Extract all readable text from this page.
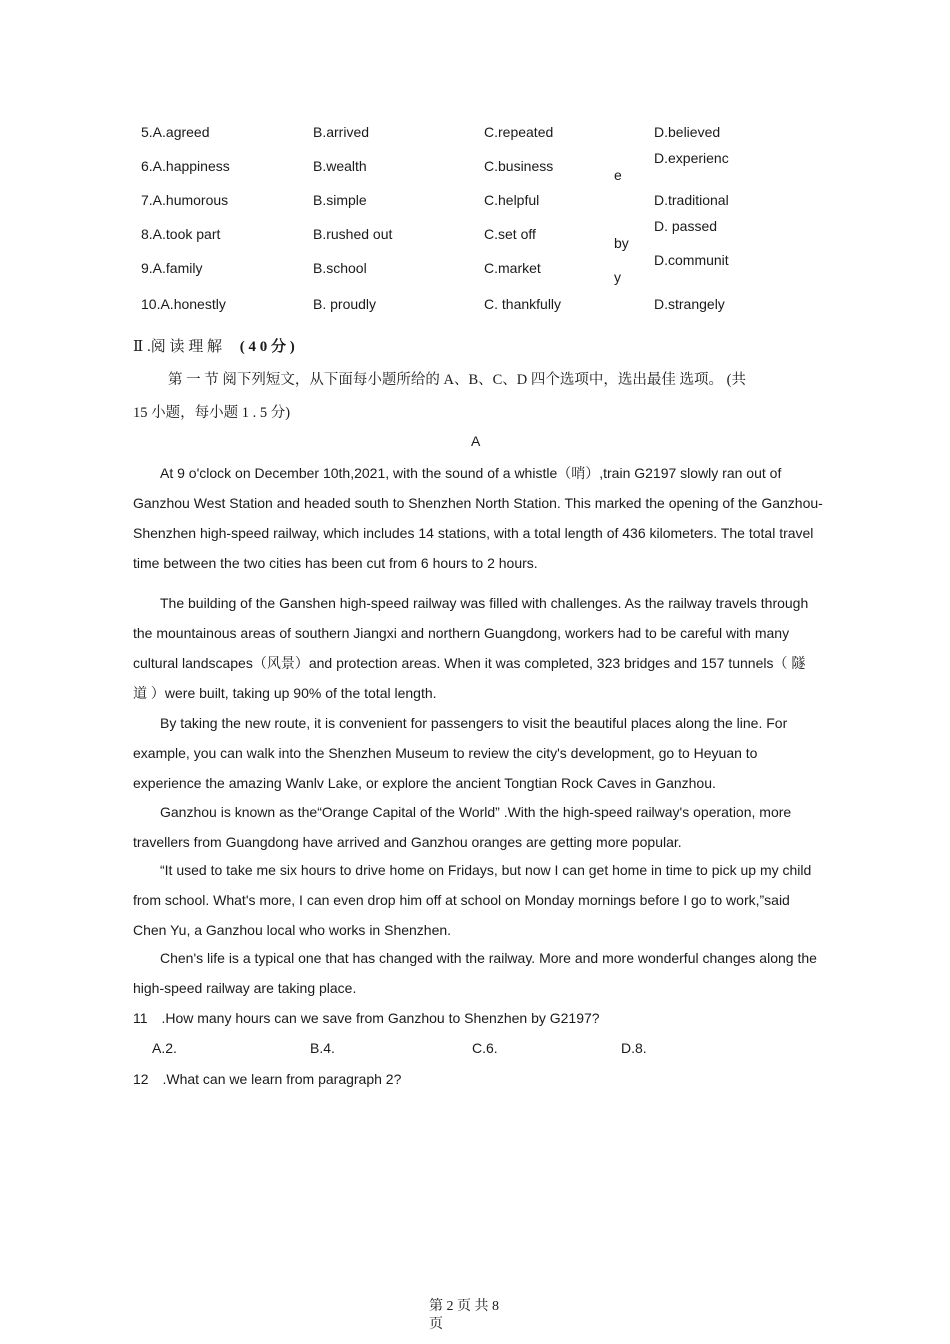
5.A.agreed	B.arrived	C.repeated	D.believed
6.A.happiness	B.wealth	C.business	D.experienc
e
7.A.humorous	B.simple	C.helpful	D.traditional
8.A.took part	B.rushed out	C.set off	D. passed
by
9.A.family	B.school	C.market	D.communit
y
10.A.honestly	B. proudly	C. thankfully	D.strangely
Ⅱ .阅 读 理 解 ( 4 0 分 )
第 一 节 阅下列短文，从下面每小题所给的 A、B、C、D 四个选项中，选出最佳 选项。 (共
15 小题，每小题 1 . 5 分)
A
At 9 o'clock on December 10th,2021, with the sound of a whistle（哨）,train G2197 slowly ran out of Ganzhou West Station and headed south to Shenzhen North Station. This marked the opening of the Ganzhou-Shenzhen high-speed railway, which includes 14 stations, with a total length of 436 kilometers. The total travel time between the two cities has been cut from 6 hours to 2 hours.
The building of the Ganshen high-speed railway was filled with challenges. As the railway travels through the mountainous areas of southern Jiangxi and northern Guangdong, workers had to be careful with many cultural landscapes（风景）and protection areas. When it was completed, 323 bridges and 157 tunnels（ 隧 道 ）were built, taking up 90% of the total length.
By taking the new route, it is convenient for passengers to visit the beautiful places along the line. For example, you can walk into the Shenzhen Museum to review the city's development, go to Heyuan to experience the amazing Wanlv Lake, or explore the ancient Tongtian Rock Caves in Ganzhou.
Ganzhou is known as the“Orange Capital of the World” .With the high-speed railway's operation, more travellers from Guangdong have arrived and Ganzhou oranges are getting more popular.
“It used to take me six hours to drive home on Fridays, but now I can get home in time to pick up my child from school. What's more, I can even drop him off at school on Monday mornings before I go to work,”said Chen Yu, a Ganzhou local who works in Shenzhen.
Chen's life is a typical one that has changed with the railway. More and more wonderful changes along the high-speed railway are taking place.
11 .How many hours can we save from Ganzhou to Shenzhen by G2197?
A.2.	B.4.	C.6.	D.8.
12 .What can we learn from paragraph 2?
第 2 页 共 8
页
